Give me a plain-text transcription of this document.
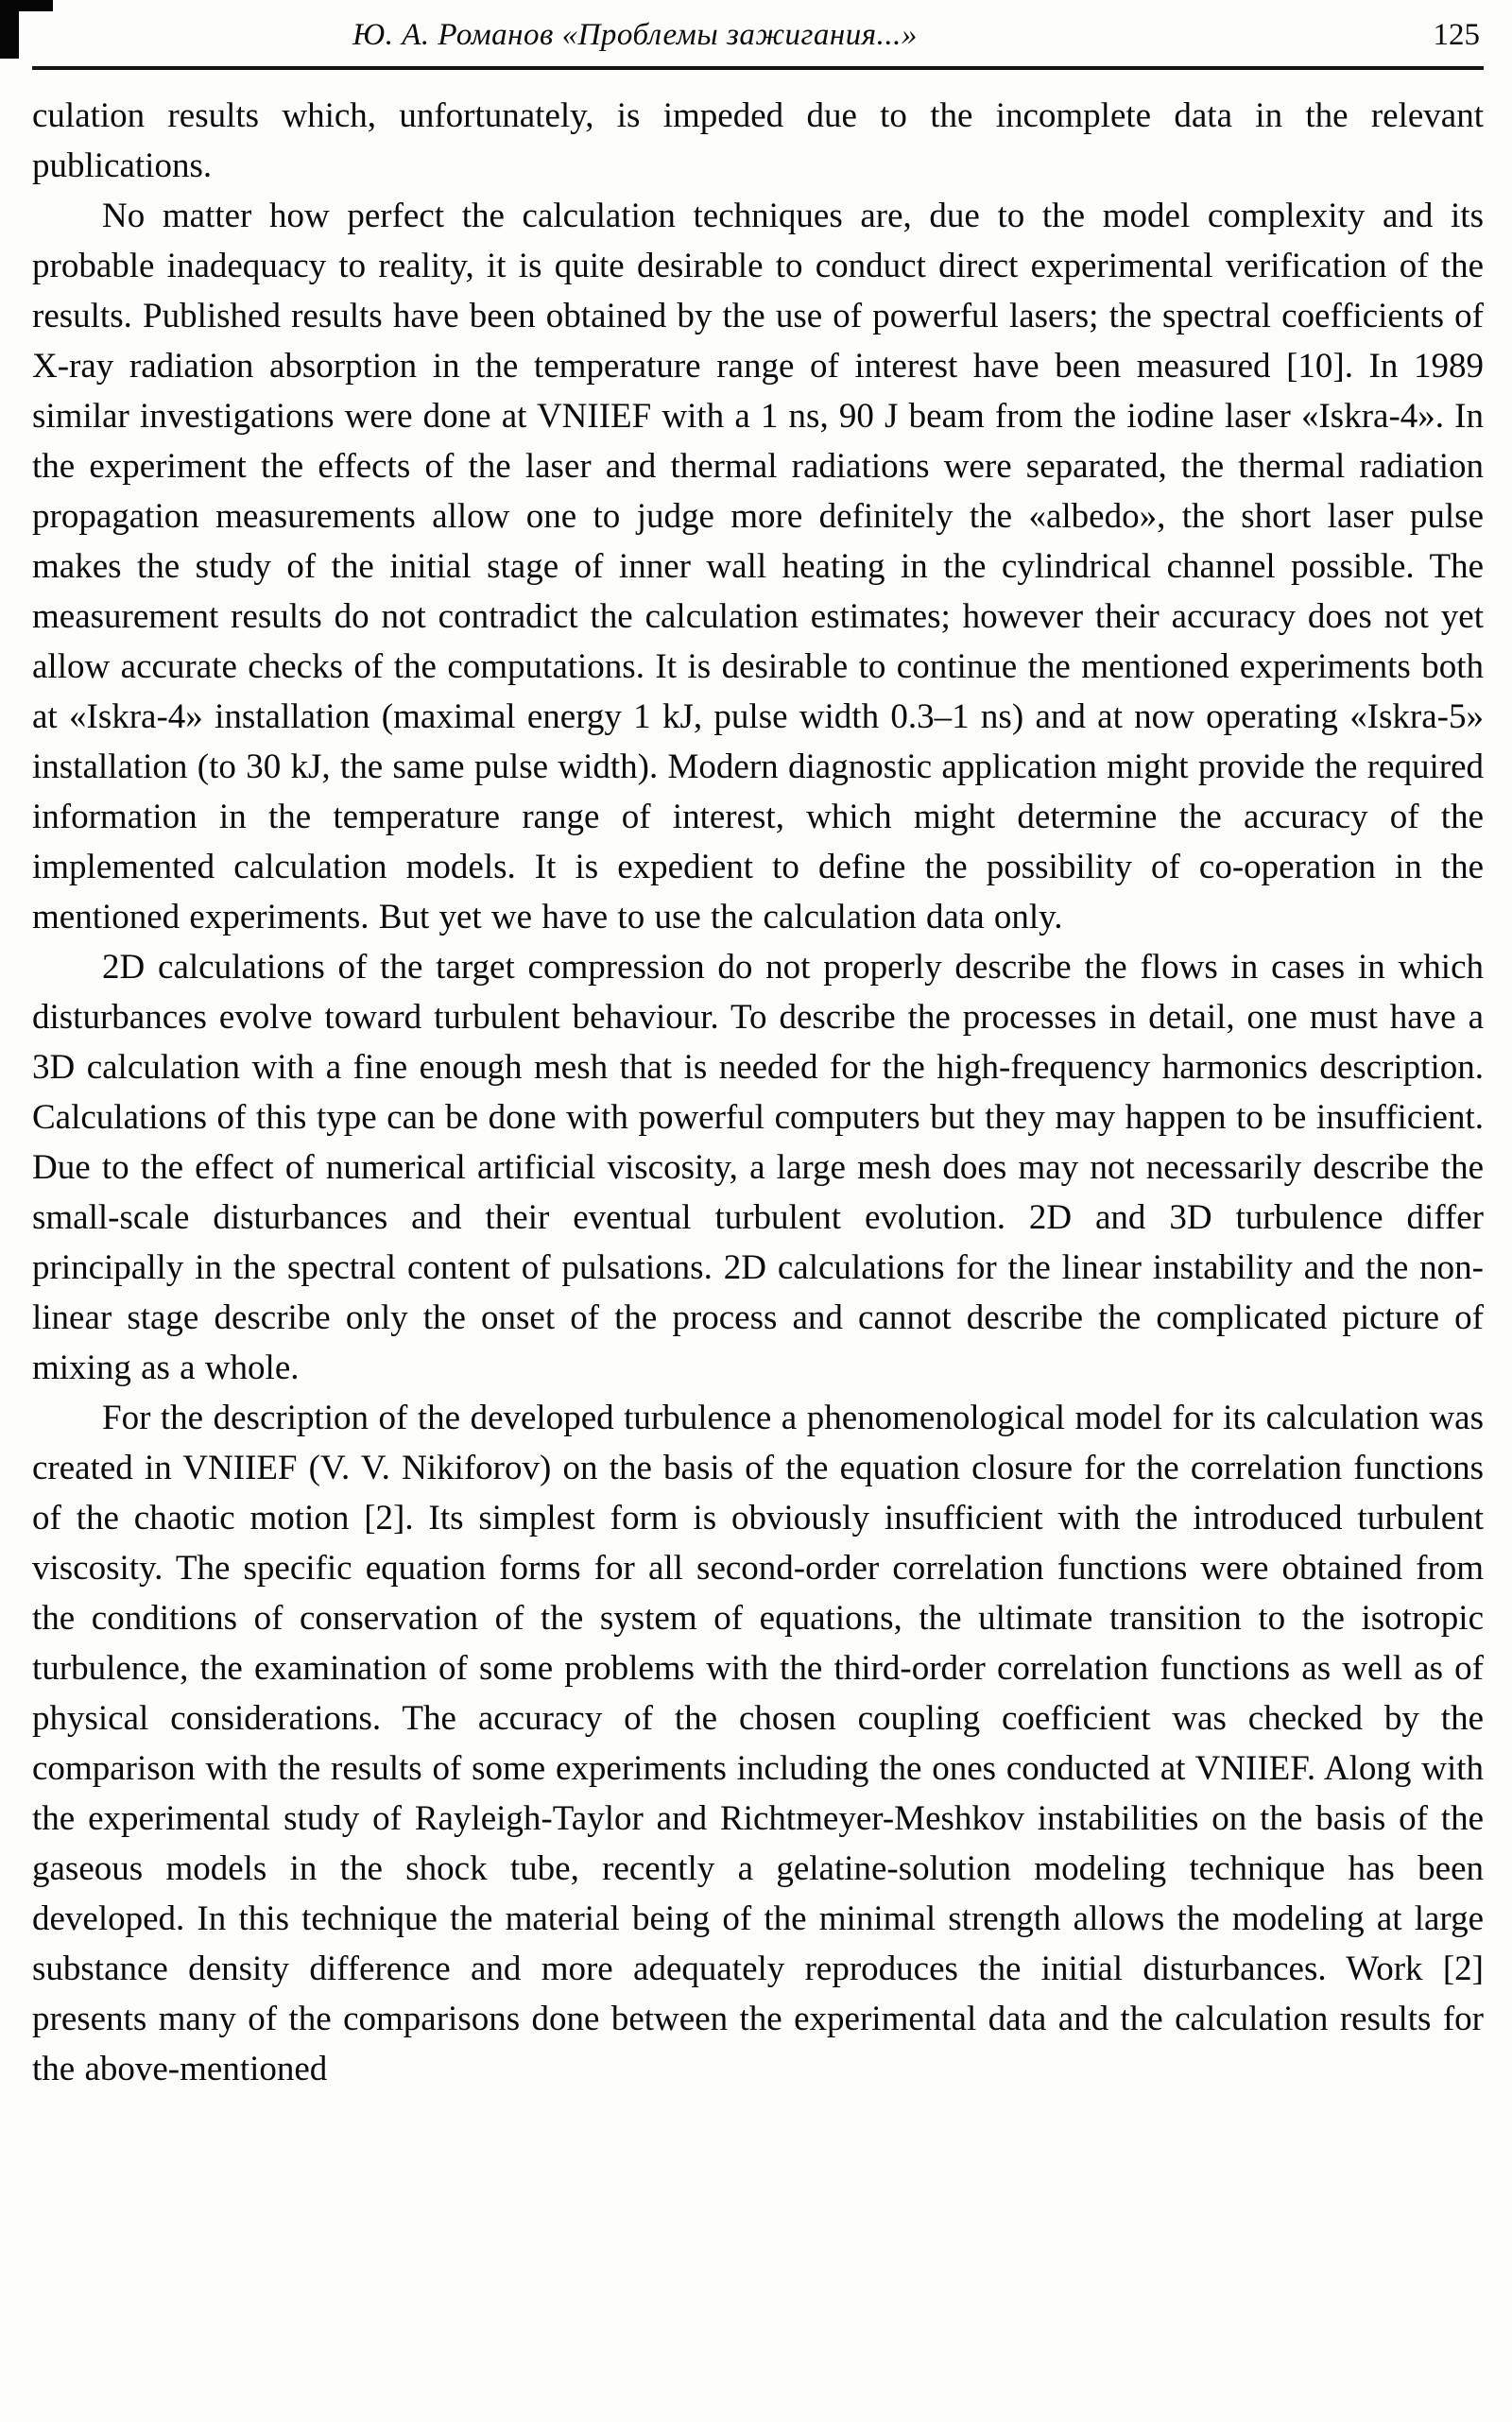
Ю. А. Романов «Проблемы зажигания...»	125

culation results which, unfortunately, is impeded due to the incomplete data in the relevant publications.

No matter how perfect the calculation techniques are, due to the model complexity and its probable inadequacy to reality, it is quite desirable to conduct direct experimental verification of the results. Published results have been obtained by the use of powerful lasers; the spectral coefficients of X-ray radiation absorption in the temperature range of interest have been measured [10]. In 1989 similar investigations were done at VNIIEF with a 1 ns, 90 J beam from the iodine laser «Iskra-4». In the experiment the effects of the laser and thermal radiations were separated, the thermal radiation propagation measurements allow one to judge more definitely the «albedo», the short laser pulse makes the study of the initial stage of inner wall heating in the cylindrical channel possible. The measurement results do not contradict the calculation estimates; however their accuracy does not yet allow accurate checks of the computations. It is desirable to continue the mentioned experiments both at «Iskra-4» installation (maximal energy 1 kJ, pulse width 0.3–1 ns) and at now operating «Iskra-5» installation (to 30 kJ, the same pulse width). Modern diagnostic application might provide the required information in the temperature range of interest, which might determine the accuracy of the implemented calculation models. It is expedient to define the possibility of co-operation in the mentioned experiments. But yet we have to use the calculation data only.

2D calculations of the target compression do not properly describe the flows in cases in which disturbances evolve toward turbulent behaviour. To describe the processes in detail, one must have a 3D calculation with a fine enough mesh that is needed for the high-frequency harmonics description. Calculations of this type can be done with powerful computers but they may happen to be insufficient. Due to the effect of numerical artificial viscosity, a large mesh does may not necessarily describe the small-scale disturbances and their eventual turbulent evolution. 2D and 3D turbulence differ principally in the spectral content of pulsations. 2D calculations for the linear instability and the non-linear stage describe only the onset of the process and cannot describe the complicated picture of mixing as a whole.

For the description of the developed turbulence a phenomenological model for its calculation was created in VNIIEF (V. V. Nikiforov) on the basis of the equation closure for the correlation functions of the chaotic motion [2]. Its simplest form is obviously insufficient with the introduced turbulent viscosity. The specific equation forms for all second-order correlation functions were obtained from the conditions of conservation of the system of equations, the ultimate transition to the isotropic turbulence, the examination of some problems with the third-order correlation functions as well as of physical considerations. The accuracy of the chosen coupling coefficient was checked by the comparison with the results of some experiments including the ones conducted at VNIIEF. Along with the experimental study of Rayleigh-Taylor and Richtmeyer-Meshkov instabilities on the basis of the gaseous models in the shock tube, recently a gelatine-solution modeling technique has been developed. In this technique the material being of the minimal strength allows the modeling at large substance density difference and more adequately reproduces the initial disturbances. Work [2] presents many of the comparisons done between the experimental data and the calculation results for the above-mentioned
